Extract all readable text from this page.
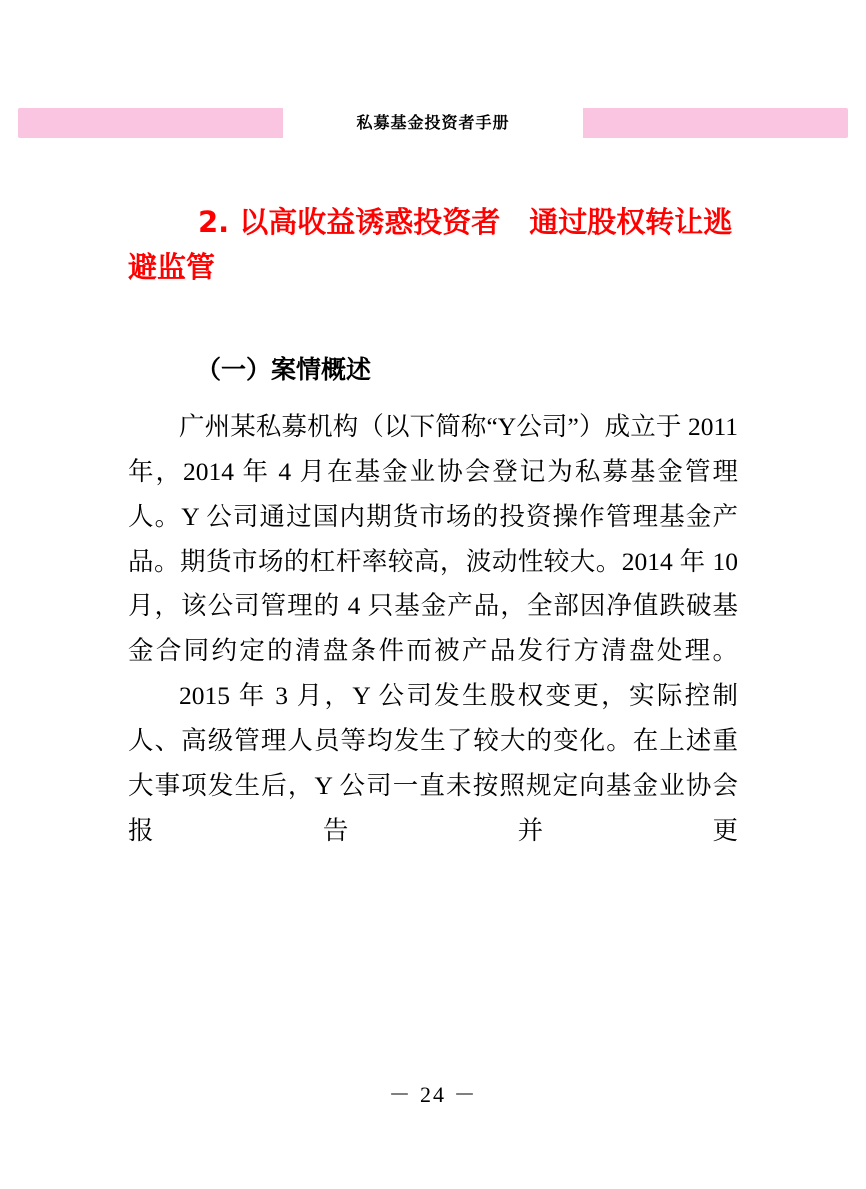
私募基金投资者手册
2. 以高收益诱惑投资者　通过股权转让逃避监管
（一）案情概述

广州某私募机构（以下简称“Y公司”）成立于 2011 年，2014 年 4 月在基金业协会登记为私募基金管理人。Y 公司通过国内期货市场的投资操作管理基金产品。期货市场的杠杆率较高，波动性较大。2014 年 10 月，该公司管理的 4 只基金产品，全部因净值跌破基金合同约定的清盘条件而被产品发行方清盘处理。

2015 年 3 月，Y 公司发生股权变更，实际控制人、高级管理人员等均发生了较大的变化。在上述重大事项发生后，Y 公司一直未按照规定向基金业协会报告并更

－ 24 －
